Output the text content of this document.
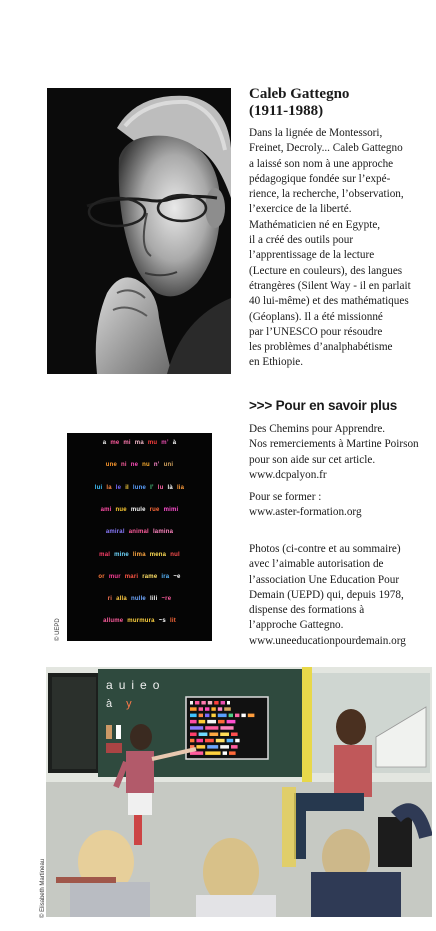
Caleb Gattegno
(1911-1988)
Dans la lignée de Montessori,
Freinet, Decroly... Caleb Gattegno
a laissé son nom à une approche
pédagogique fondée sur l’expé-
rience, la recherche, l’observation,
l’exercice de la liberté.
Mathématicien né en Egypte,
il a créé des outils pour
l’apprentissage de la lecture
(Lecture en couleurs), des langues
étrangères (Silent Way - il en parlait
40 lui-même) et des mathématiques
(Géoplans). Il a été missionné
par l’UNESCO pour résoudre
les problèmes d’analphabétisme
en Ethiopie.
>>> Pour en savoir plus

Des Chemins pour Apprendre.
Nos remerciements à Martine Poirson
pour son aide sur cet article.
www.dcpalyon.fr

Pour se former :
www.aster-formation.org

Photos (ci-contre et au sommaire)
avec l’aimable autorisation de
l’association Une Education Pour
Demain (UEPD) qui, depuis 1978,
dispense des formations à
l’approche Gattegno.
www.uneeducationpourdemain.org
a me mi ma mu m’ à
une ni ne nu n’ uni
lui la le il lune l’ lu là lia
ami nue mule rue mimi
amiral animal lamina
mal mine lima mena nul
or mur mari rame ira ~e
ri alla nulle lili ~re
allume murmura ~s lit
© UEPD
a u i e o
à y
© Elisabeth Martineau
